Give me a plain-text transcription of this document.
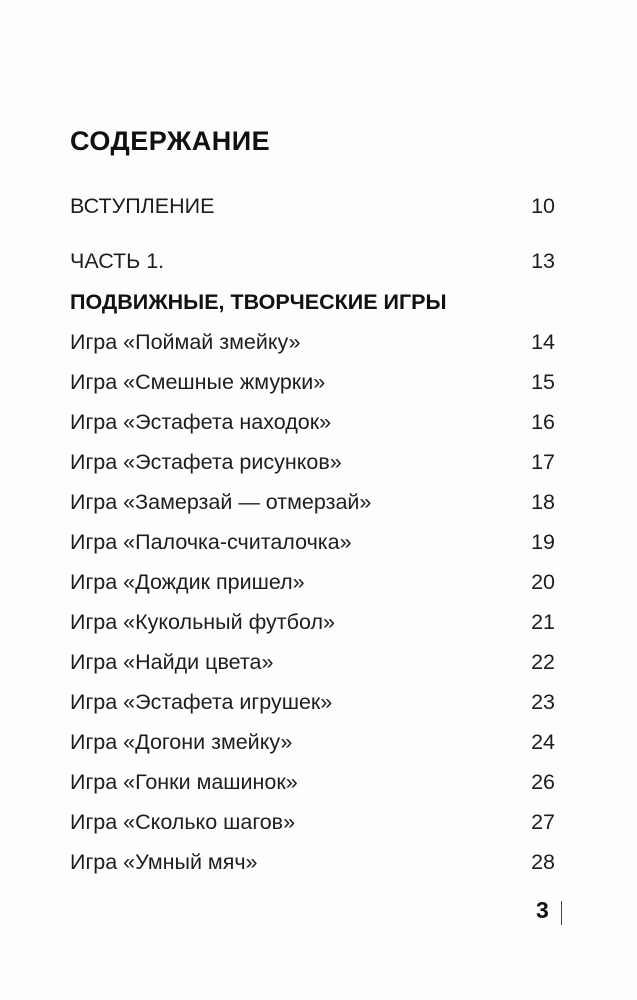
СОДЕРЖАНИЕ
ВСТУПЛЕНИЕ	10
ЧАСТЬ 1.	13
ПОДВИЖНЫЕ, ТВОРЧЕСКИЕ ИГРЫ
Игра «Поймай змейку»	14
Игра «Смешные жмурки»	15
Игра «Эстафета находок»	16
Игра «Эстафета рисунков»	17
Игра «Замерзай — отмерзай»	18
Игра «Палочка-считалочка»	19
Игра «Дождик пришел»	20
Игра «Кукольный футбол»	21
Игра «Найди цвета»	22
Игра «Эстафета игрушек»	23
Игра «Догони змейку»	24
Игра «Гонки машинок»	26
Игра «Сколько шагов»	27
Игра «Умный мяч»	28
3
